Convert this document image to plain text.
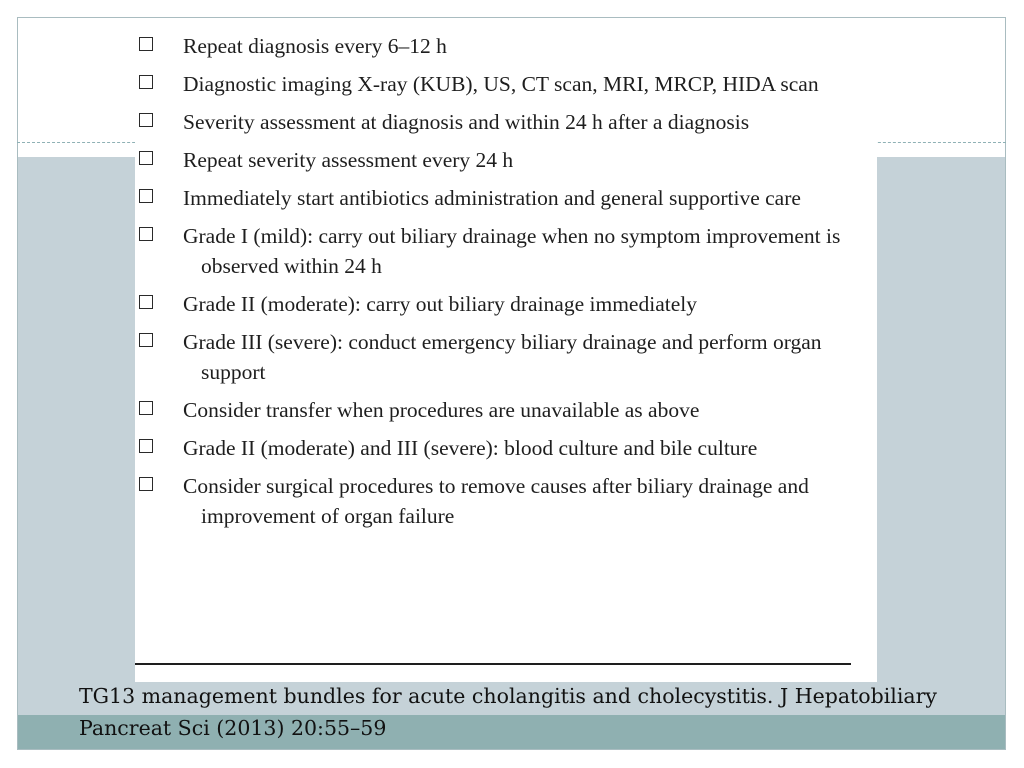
Repeat diagnosis every 6–12 h
Diagnostic imaging X-ray (KUB), US, CT scan, MRI, MRCP, HIDA scan
Severity assessment at diagnosis and within 24 h after a diagnosis
Repeat severity assessment every 24 h
Immediately start antibiotics administration and general supportive care
Grade I (mild): carry out biliary drainage when no symptom improvement is observed within 24 h
Grade II (moderate): carry out biliary drainage immediately
Grade III (severe): conduct emergency biliary drainage and perform organ support
Consider transfer when procedures are unavailable as above
Grade II (moderate) and III (severe): blood culture and bile culture
Consider surgical procedures to remove causes after biliary drainage and improvement of organ failure
TG13 management bundles for acute cholangitis and cholecystitis. J Hepatobiliary Pancreat Sci (2013) 20:55–59
